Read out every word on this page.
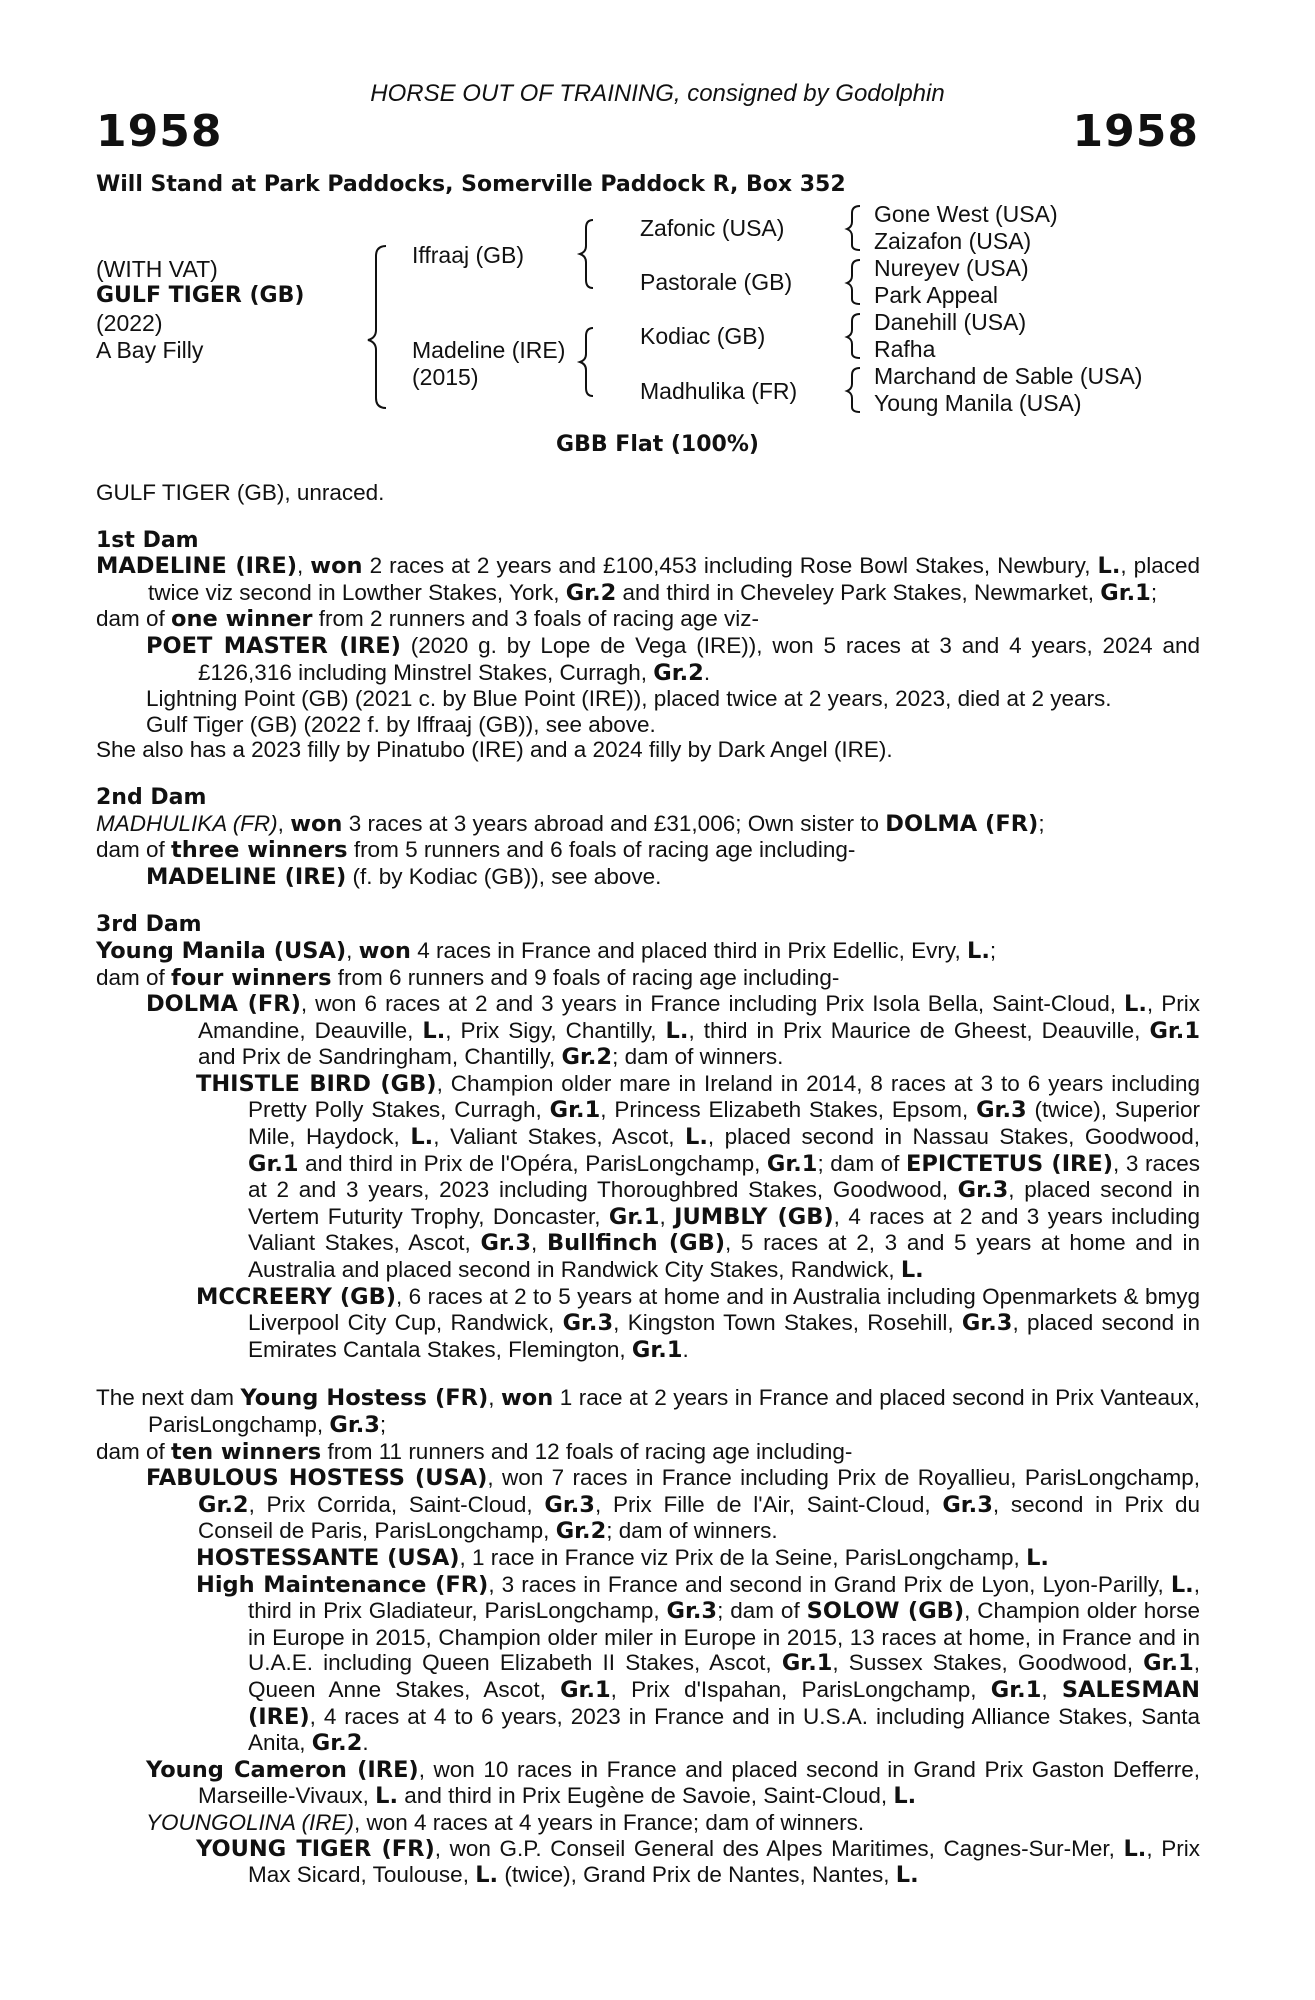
HORSE OUT OF TRAINING, consigned by Godolphin
1958	1958
Will Stand at Park Paddocks, Somerville Paddock R, Box 352
(WITH VAT)
GULF TIGER (GB)
(2022)
A Bay Filly
Iffraaj (GB)
Madeline (IRE)
(2015)
Zafonic (USA)
Pastorale (GB)
Kodiac (GB)
Madhulika (FR)
Gone West (USA)
Zaizafon (USA)
Nureyev (USA)
Park Appeal
Danehill (USA)
Rafha
Marchand de Sable (USA)
Young Manila (USA)
GBB Flat (100%)

GULF TIGER (GB), unraced.

1st Dam

MADELINE (IRE), won 2 races at 2 years and £100,453 including Rose Bowl Stakes, Newbury, L., placed twice viz second in Lowther Stakes, York, Gr.2 and third in Cheveley Park Stakes, Newmarket, Gr.1;

dam of one winner from 2 runners and 3 foals of racing age viz-

POET MASTER (IRE) (2020 g. by Lope de Vega (IRE)), won 5 races at 3 and 4 years, 2024 and £126,316 including Minstrel Stakes, Curragh, Gr.2.

Lightning Point (GB) (2021 c. by Blue Point (IRE)), placed twice at 2 years, 2023, died at 2 years.

Gulf Tiger (GB) (2022 f. by Iffraaj (GB)), see above.

She also has a 2023 filly by Pinatubo (IRE) and a 2024 filly by Dark Angel (IRE).

2nd Dam

MADHULIKA (FR), won 3 races at 3 years abroad and £31,006; Own sister to DOLMA (FR);

dam of three winners from 5 runners and 6 foals of racing age including-

MADELINE (IRE) (f. by Kodiac (GB)), see above.

3rd Dam

Young Manila (USA), won 4 races in France and placed third in Prix Edellic, Evry, L.;

dam of four winners from 6 runners and 9 foals of racing age including-

DOLMA (FR), won 6 races at 2 and 3 years in France including Prix Isola Bella, Saint-Cloud, L., Prix Amandine, Deauville, L., Prix Sigy, Chantilly, L., third in Prix Maurice de Gheest, Deauville, Gr.1 and Prix de Sandringham, Chantilly, Gr.2; dam of winners.

THISTLE BIRD (GB), Champion older mare in Ireland in 2014, 8 races at 3 to 6 years including Pretty Polly Stakes, Curragh, Gr.1, Princess Elizabeth Stakes, Epsom, Gr.3 (twice), Superior Mile, Haydock, L., Valiant Stakes, Ascot, L., placed second in Nassau Stakes, Goodwood, Gr.1 and third in Prix de l'Opéra, ParisLongchamp, Gr.1; dam of EPICTETUS (IRE), 3 races at 2 and 3 years, 2023 including Thoroughbred Stakes, Goodwood, Gr.3, placed second in Vertem Futurity Trophy, Doncaster, Gr.1, JUMBLY (GB), 4 races at 2 and 3 years including Valiant Stakes, Ascot, Gr.3, Bullfinch (GB), 5 races at 2, 3 and 5 years at home and in Australia and placed second in Randwick City Stakes, Randwick, L.

MCCREERY (GB), 6 races at 2 to 5 years at home and in Australia including Openmarkets & bmyg Liverpool City Cup, Randwick, Gr.3, Kingston Town Stakes, Rosehill, Gr.3, placed second in Emirates Cantala Stakes, Flemington, Gr.1.

The next dam Young Hostess (FR), won 1 race at 2 years in France and placed second in Prix Vanteaux, ParisLongchamp, Gr.3;

dam of ten winners from 11 runners and 12 foals of racing age including-

FABULOUS HOSTESS (USA), won 7 races in France including Prix de Royallieu, ParisLongchamp, Gr.2, Prix Corrida, Saint-Cloud, Gr.3, Prix Fille de l'Air, Saint-Cloud, Gr.3, second in Prix du Conseil de Paris, ParisLongchamp, Gr.2; dam of winners.

HOSTESSANTE (USA), 1 race in France viz Prix de la Seine, ParisLongchamp, L.

High Maintenance (FR), 3 races in France and second in Grand Prix de Lyon, Lyon-Parilly, L., third in Prix Gladiateur, ParisLongchamp, Gr.3; dam of SOLOW (GB), Champion older horse in Europe in 2015, Champion older miler in Europe in 2015, 13 races at home, in France and in U.A.E. including Queen Elizabeth II Stakes, Ascot, Gr.1, Sussex Stakes, Goodwood, Gr.1, Queen Anne Stakes, Ascot, Gr.1, Prix d'Ispahan, ParisLongchamp, Gr.1, SALESMAN (IRE), 4 races at 4 to 6 years, 2023 in France and in U.S.A. including Alliance Stakes, Santa Anita, Gr.2.

Young Cameron (IRE), won 10 races in France and placed second in Grand Prix Gaston Defferre, Marseille-Vivaux, L. and third in Prix Eugène de Savoie, Saint-Cloud, L.

YOUNGOLINA (IRE), won 4 races at 4 years in France; dam of winners.

YOUNG TIGER (FR), won G.P. Conseil General des Alpes Maritimes, Cagnes-Sur-Mer, L., Prix Max Sicard, Toulouse, L. (twice), Grand Prix de Nantes, Nantes, L.
